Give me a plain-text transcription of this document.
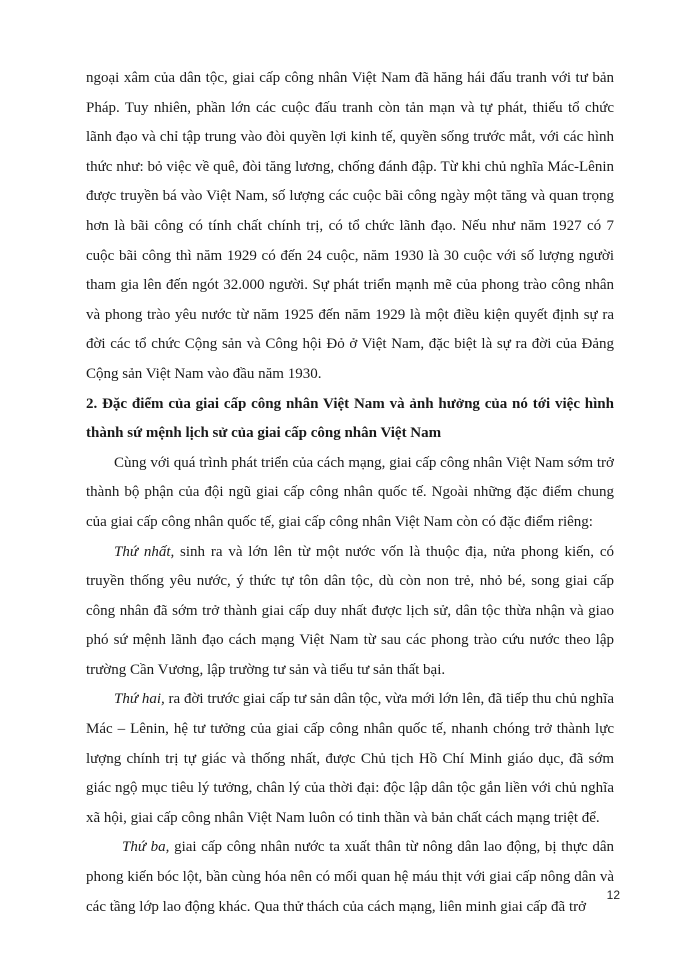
ngoại xâm của dân tộc, giai cấp công nhân Việt Nam đã hăng hái đấu tranh với tư bản Pháp. Tuy nhiên, phần lớn các cuộc đấu tranh còn tản mạn và tự phát, thiếu tổ chức lãnh đạo và chỉ tập trung vào đòi quyền lợi kinh tế, quyền sống trước mắt, với các hình thức như: bỏ việc về quê, đòi tăng lương, chống đánh đập. Từ khi chủ nghĩa Mác-Lênin được truyền bá vào Việt Nam, số lượng các cuộc bãi công ngày một tăng và quan trọng hơn là bãi công có tính chất chính trị, có tổ chức lãnh đạo. Nếu như năm 1927 có 7 cuộc bãi công thì năm 1929 có đến 24 cuộc, năm 1930 là 30 cuộc với số lượng người tham gia lên đến ngót 32.000 người. Sự phát triển mạnh mẽ của phong trào công nhân và phong trào yêu nước từ năm 1925 đến năm 1929 là một điều kiện quyết định sự ra đời các tổ chức Cộng sản và Công hội Đỏ ở Việt Nam, đặc biệt là sự ra đời của Đảng Cộng sản Việt Nam vào đầu năm 1930.

2. Đặc điểm của giai cấp công nhân Việt Nam và ảnh hưởng của nó tới việc hình thành sứ mệnh lịch sử của giai cấp công nhân Việt Nam

Cùng với quá trình phát triển của cách mạng, giai cấp công nhân Việt Nam sớm trở thành bộ phận của đội ngũ giai cấp công nhân quốc tế. Ngoài những đặc điểm chung của giai cấp công nhân quốc tế, giai cấp công nhân Việt Nam còn có đặc điểm riêng:

Thứ nhất, sinh ra và lớn lên từ một nước vốn là thuộc địa, nửa phong kiến, có truyền thống yêu nước, ý thức tự tôn dân tộc, dù còn non trẻ, nhỏ bé, song giai cấp công nhân đã sớm trở thành giai cấp duy nhất được lịch sử, dân tộc thừa nhận và giao phó sứ mệnh lãnh đạo cách mạng Việt Nam từ sau các phong trào cứu nước theo lập trường Cần Vương, lập trường tư sản và tiểu tư sản thất bại.

Thứ hai, ra đời trước giai cấp tư sản dân tộc, vừa mới lớn lên, đã tiếp thu chủ nghĩa Mác – Lênin, hệ tư tưởng của giai cấp công nhân quốc tế, nhanh chóng trở thành lực lượng chính trị tự giác và thống nhất, được Chủ tịch Hồ Chí Minh giáo dục, đã sớm giác ngộ mục tiêu lý tưởng, chân lý của thời đại: độc lập dân tộc gắn liền với chủ nghĩa xã hội, giai cấp công nhân Việt Nam luôn có tinh thần và bản chất cách mạng triệt để.

Thứ ba, giai cấp công nhân nước ta xuất thân từ nông dân lao động, bị thực dân phong kiến bóc lột, bần cùng hóa nên có mối quan hệ máu thịt với giai cấp nông dân và các tầng lớp lao động khác. Qua thử thách của cách mạng, liên minh giai cấp đã trở

12
